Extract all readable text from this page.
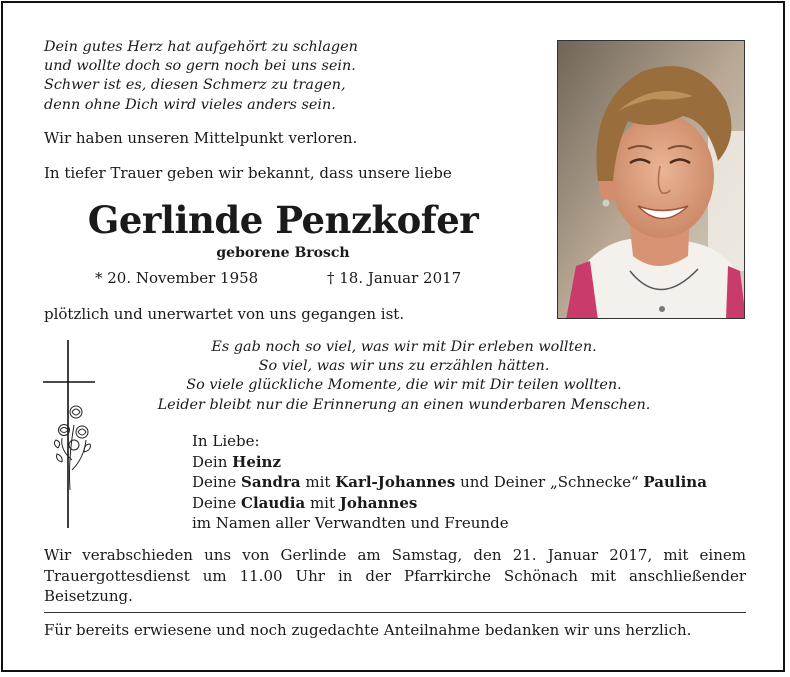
Dein gutes Herz hat aufgehört zu schlagen
und wollte doch so gern noch bei uns sein.
Schwer ist es, diesen Schmerz zu tragen,
denn ohne Dich wird vieles anders sein.
Wir haben unseren Mittelpunkt verloren.
In tiefer Trauer geben wir bekannt, dass unsere liebe
Gerlinde Penzkofer
geborene Brosch
* 20. November 1958	† 18. Januar 2017
plötzlich und unerwartet von uns gegangen ist.
Es gab noch so viel, was wir mit Dir erleben wollten.
So viel, was wir uns zu erzählen hätten.
So viele glückliche Momente, die wir mit Dir teilen wollten.
Leider bleibt nur die Erinnerung an einen wunderbaren Menschen.
In Liebe:
Dein Heinz
Deine Sandra mit Karl-Johannes und Deiner „Schnecke“ Paulina
Deine Claudia mit Johannes
im Namen aller Verwandten und Freunde
Wir verabschieden uns von Gerlinde am Samstag, den 21. Januar 2017, mit einem
Trauergottesdienst um 11.00 Uhr in der Pfarrkirche Schönach mit anschließender
Beisetzung.
Für bereits erwiesene und noch zugedachte Anteilnahme bedanken wir uns herzlich.
